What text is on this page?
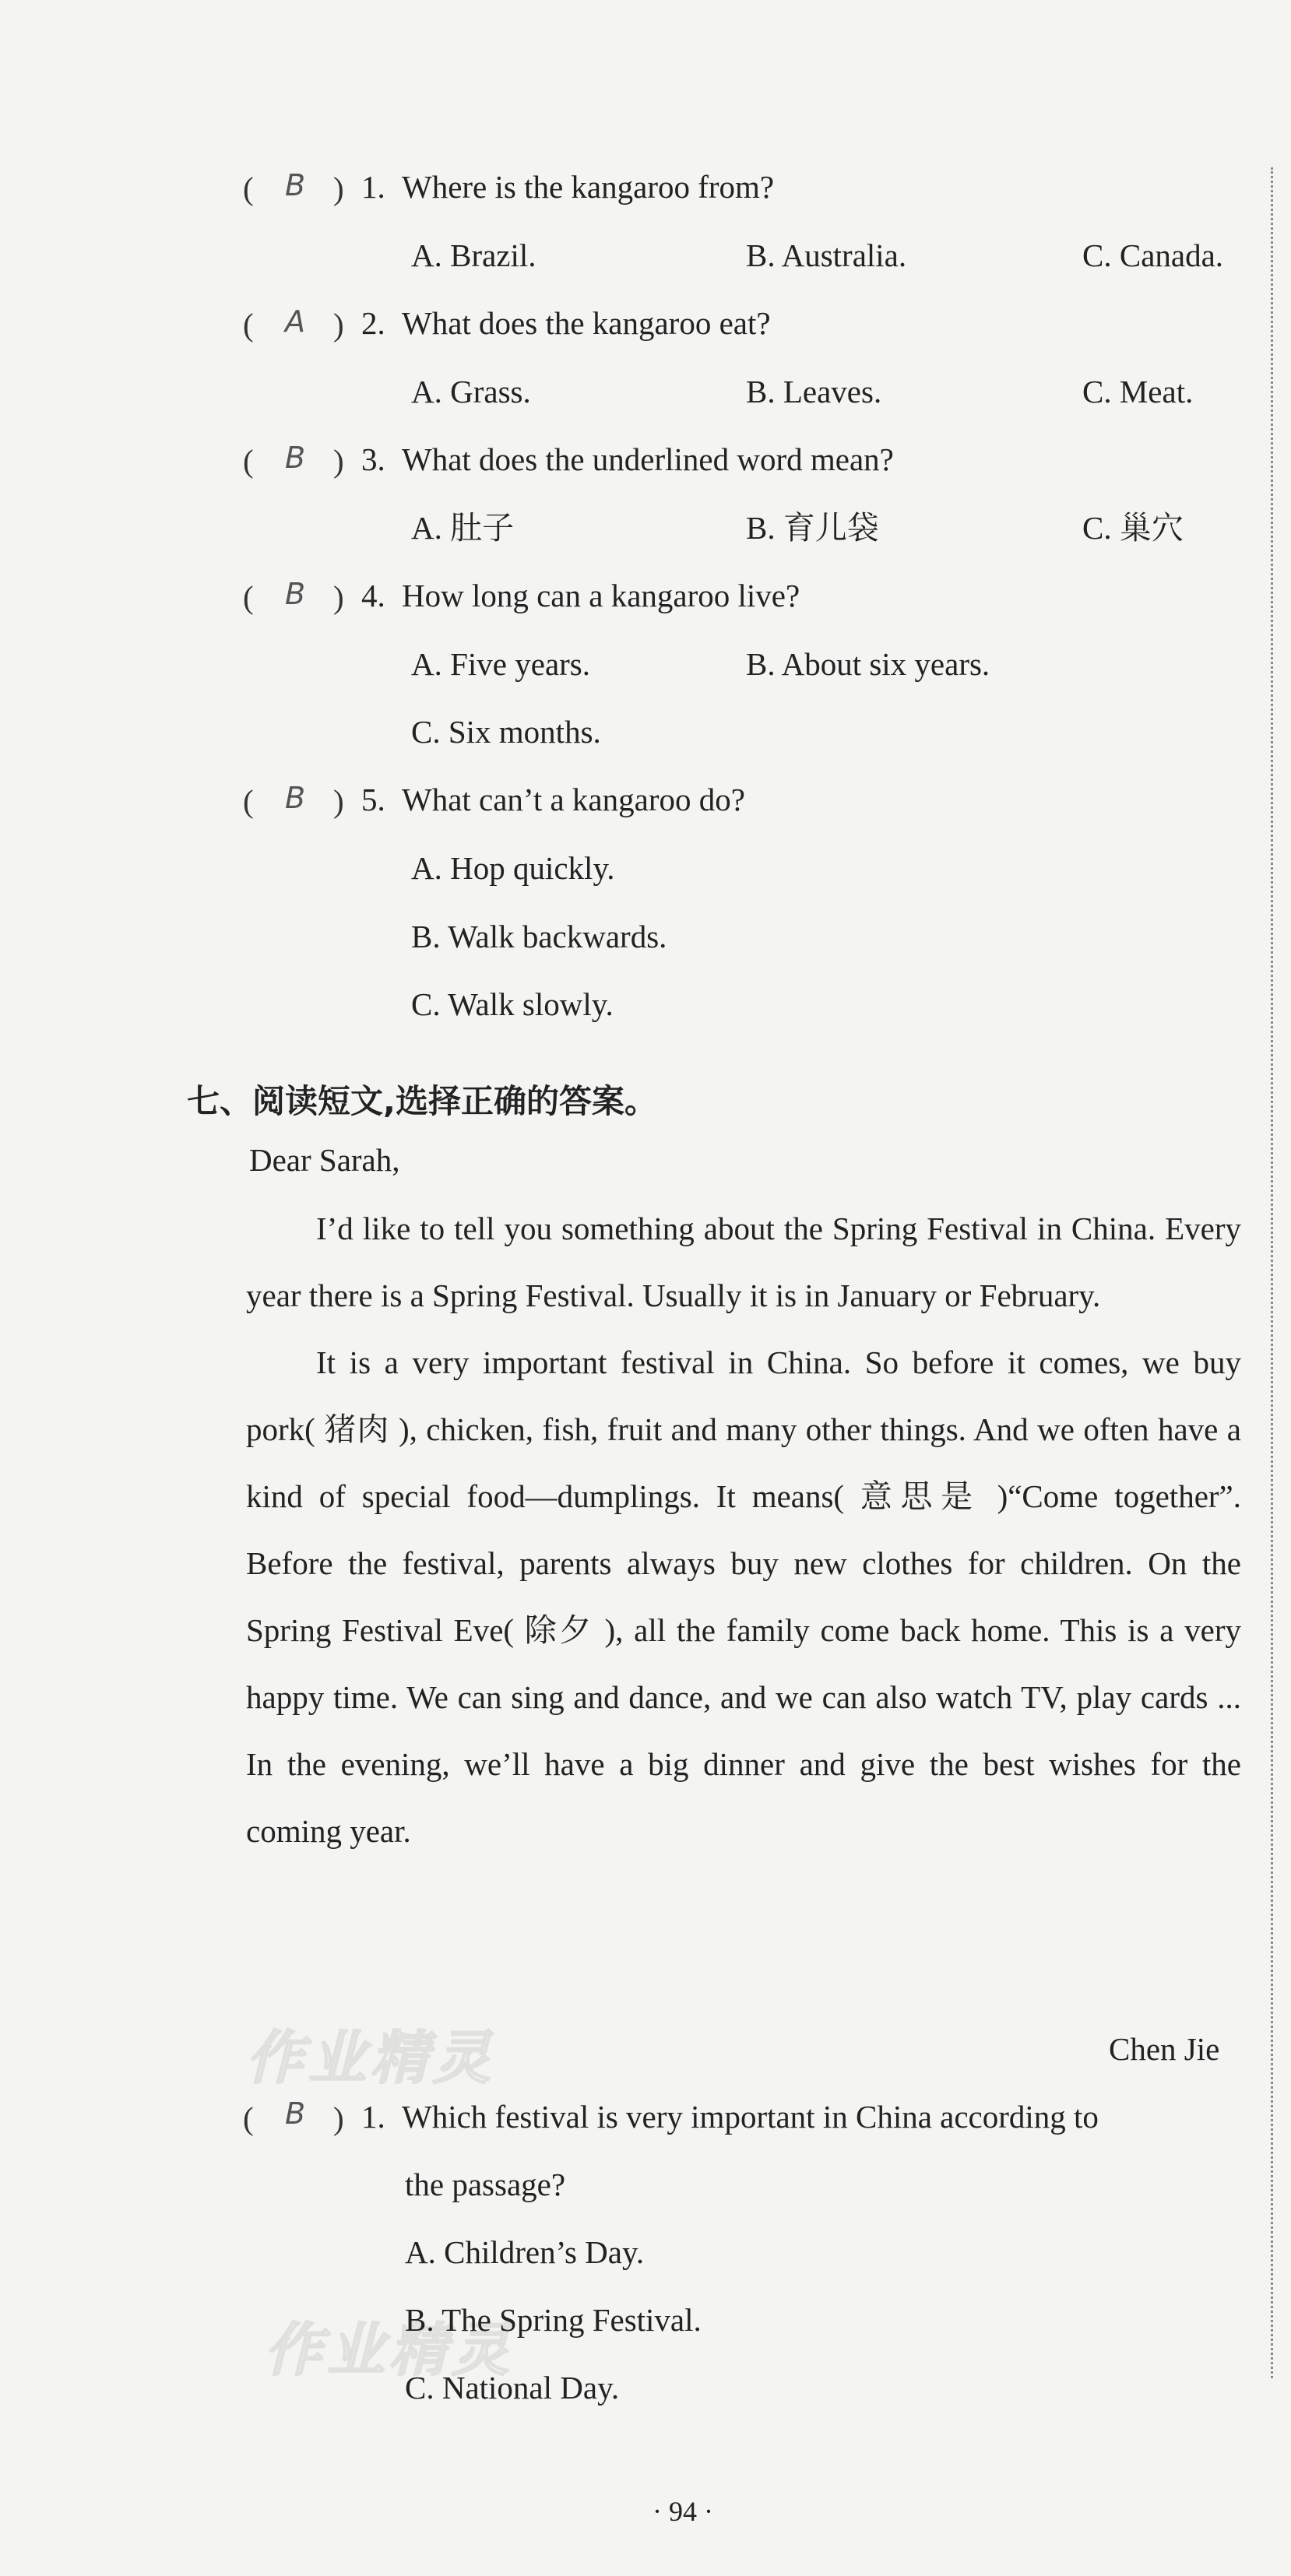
( B ) 1. Where is the kangaroo from?
A. Brazil.	B. Australia.	C. Canada.
( A ) 2. What does the kangaroo eat?
A. Grass.	B. Leaves.	C. Meat.
( B ) 3. What does the underlined word mean?
A. 肚子	B. 育儿袋	C. 巢穴
( B ) 4. How long can a kangaroo live?
A. Five years.	B. About six years.
C. Six months.
( B ) 5. What can’t a kangaroo do?
A. Hop quickly.
B. Walk backwards.
C. Walk slowly.
七、阅读短文,选择正确的答案。
Dear Sarah,

I’d like to tell you something about the Spring Festival in China. Every year there is a Spring Festival. Usually it is in January or February.

It is a very important festival in China. So before it comes, we buy pork( 猪肉 ), chicken, fish, fruit and many other things. And we often have a kind of special food—dumplings. It means( 意思是 )“Come together”. Before the festival, parents always buy new clothes for children. On the Spring Festival Eve( 除夕 ), all the family come back home. This is a very happy time. We can sing and dance, and we can also watch TV, play cards ... In the evening, we’ll have a big dinner and give the best wishes for the coming year.

作业精灵	Chen Jie
( B ) 1. Which festival is very important in China according to
the passage?
A. Children’s Day.
作业精灵
B. The Spring Festival.
C. National Day.
· 94 ·
